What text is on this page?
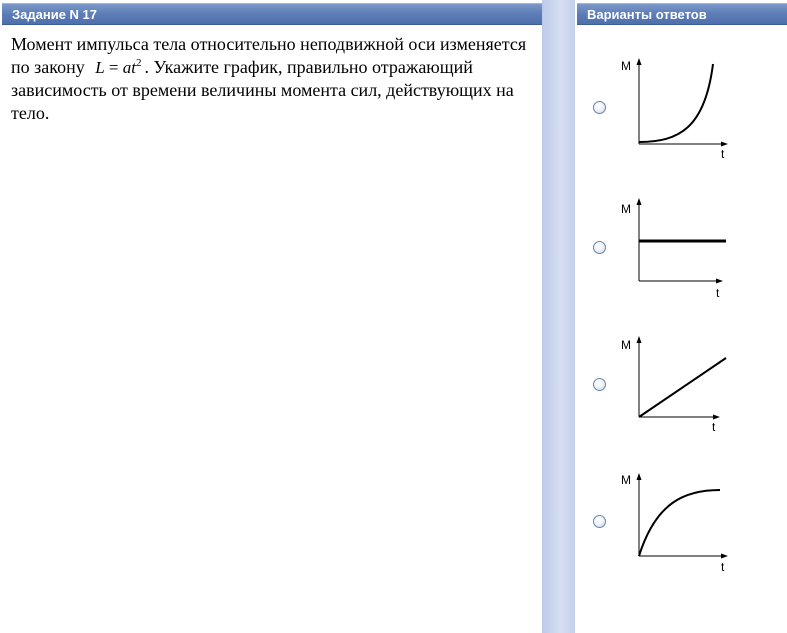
Задание N 17	Варианты ответов
Момент импульса тела относительно неподвижной оси изменяется по закону $L = at^2$ . Укажите график, правильно отражающий зависимость от времени величины момента сил, действующих на тело.
M
t
M
t
M
t
M
t
